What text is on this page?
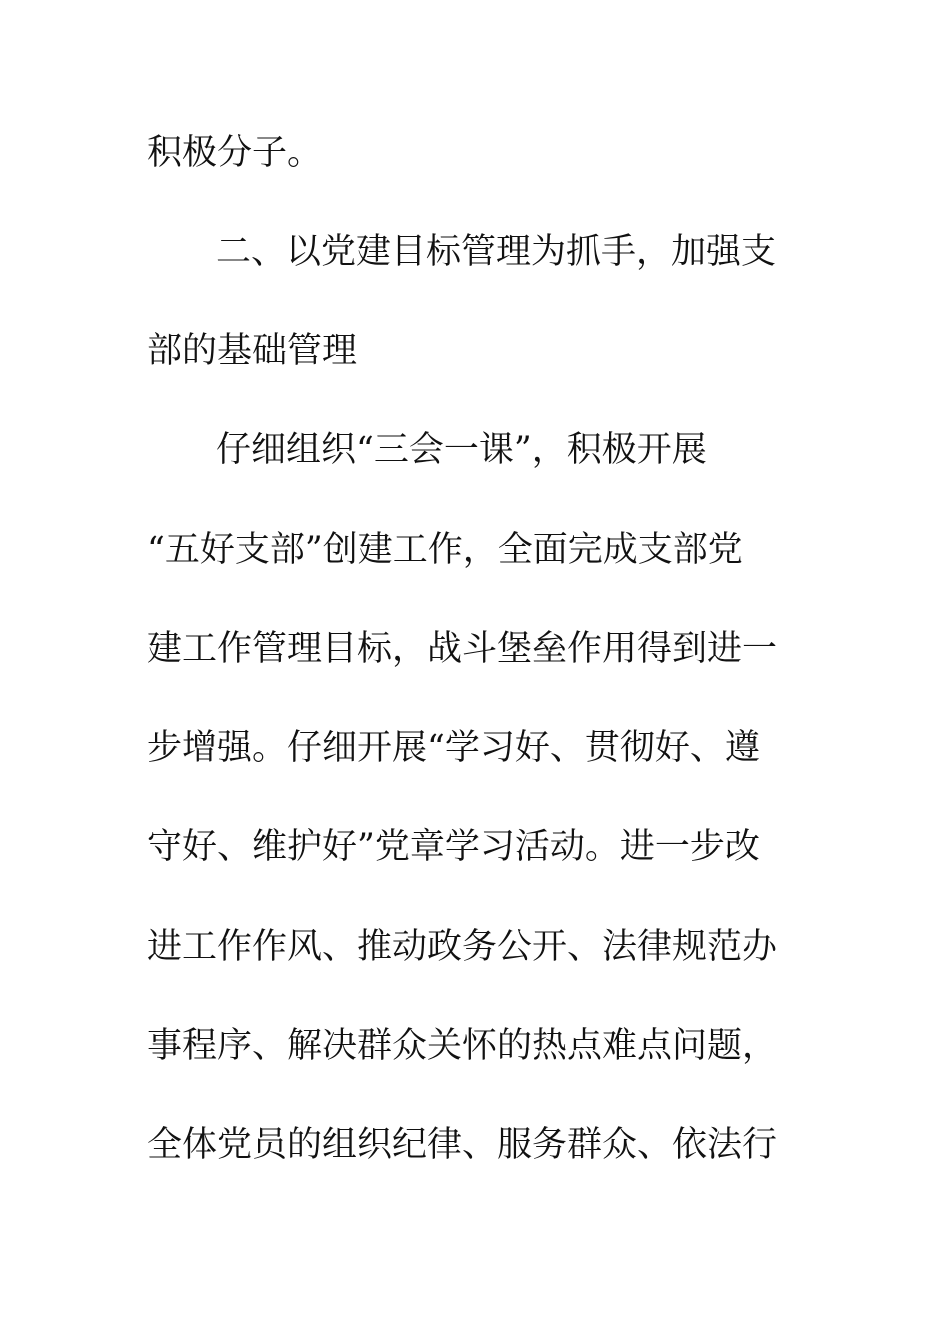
积极分子。
二、以党建目标管理为抓手，加强支
部的基础管理
仔细组织“三会一课”，积极开展
“五好支部”创建工作，全面完成支部党
建工作管理目标，战斗堡垒作用得到进一
步增强。仔细开展“学习好、贯彻好、遵
守好、维护好”党章学习活动。进一步改
进工作作风、推动政务公开、法律规范办
事程序、解决群众关怀的热点难点问题，
全体党员的组织纪律、服务群众、依法行
